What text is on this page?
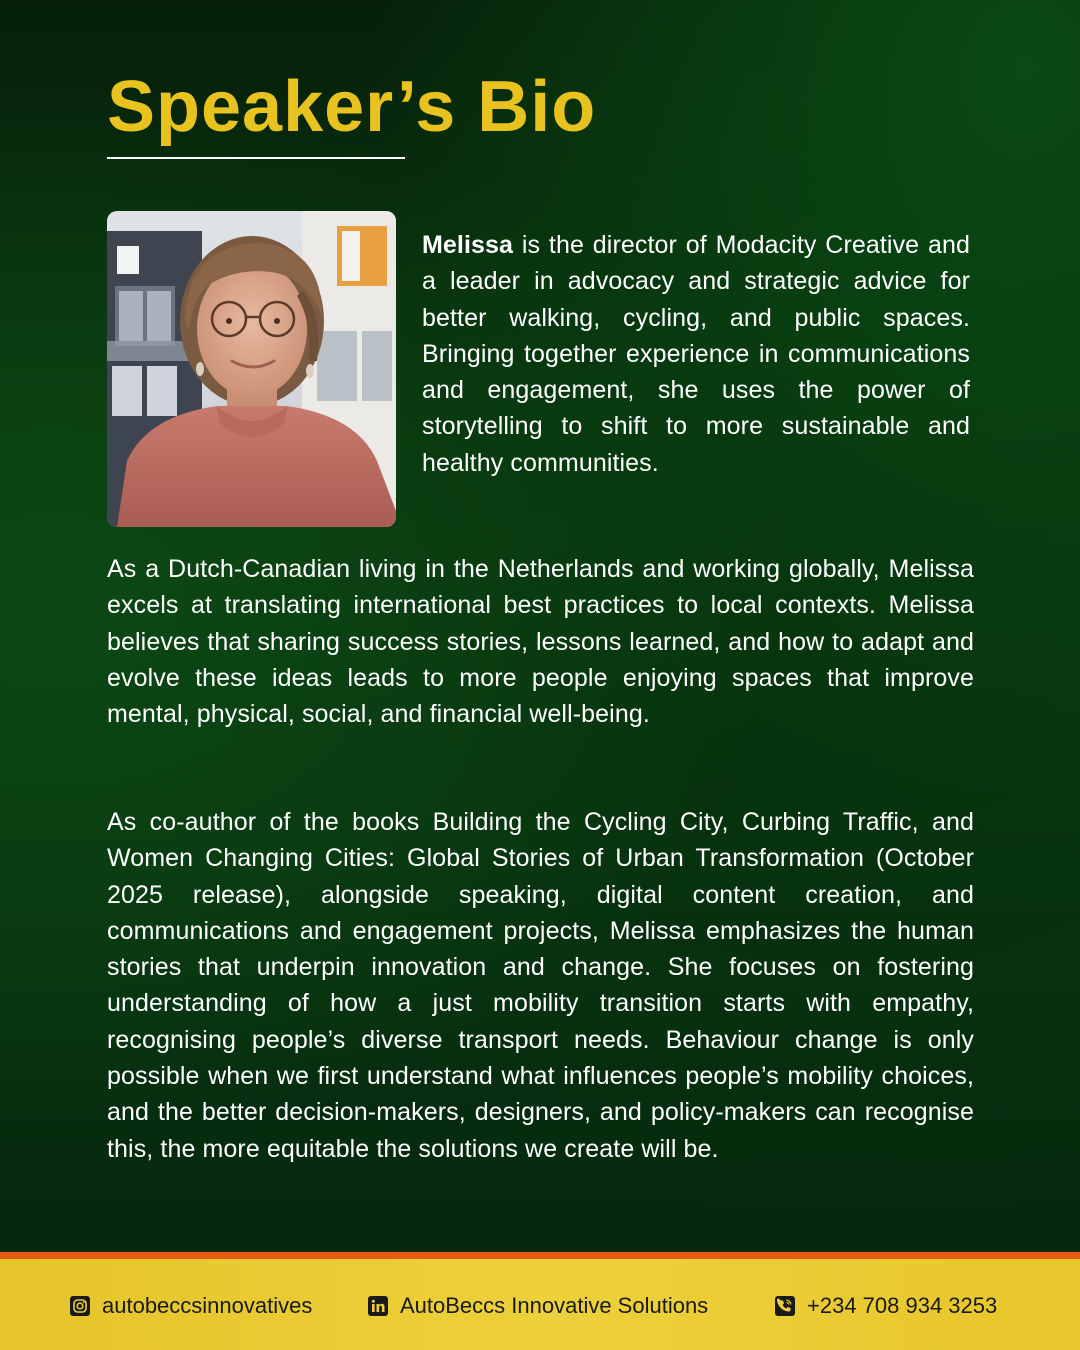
Speaker’s Bio

Melissa is the director of Modacity Creative and a leader in advocacy and strategic advice for better walking, cycling, and public spaces. Bringing together experience in communications and engagement, she uses the power of storytelling to shift to more sustainable and healthy communities.

As a Dutch-Canadian living in the Netherlands and working globally, Melissa excels at translating international best practices to local contexts. Melissa believes that sharing success stories, lessons learned, and how to adapt and evolve these ideas leads to more people enjoying spaces that improve mental, physical, social, and financial well-being.

As co-author of the books Building the Cycling City, Curbing Traffic, and Women Changing Cities: Global Stories of Urban Transformation (October 2025 release), alongside speaking, digital content creation, and communications and engagement projects, Melissa emphasizes the human stories that underpin innovation and change. She focuses on fostering understanding of how a just mobility transition starts with empathy, recognising people’s diverse transport needs. Behaviour change is only possible when we first understand what influences people’s mobility choices, and the better decision-makers, designers, and policy-makers can recognise this, the more equitable the solutions we create will be.

autobeccsinnovatives	AutoBeccs Innovative Solutions	+234 708 934 3253
